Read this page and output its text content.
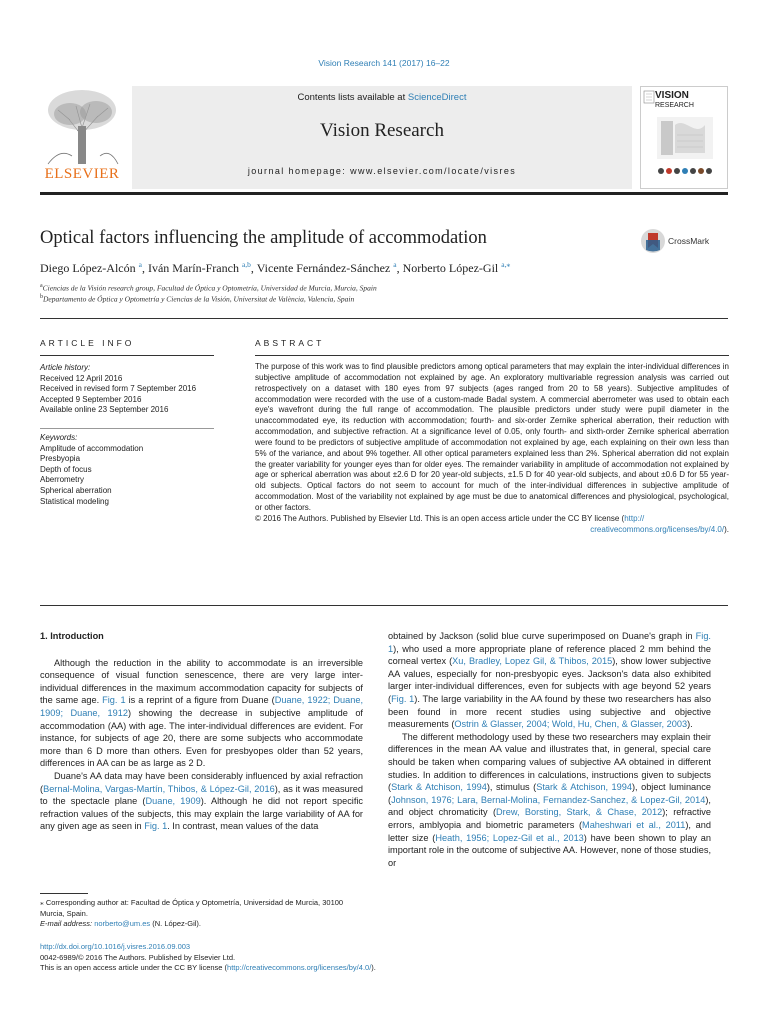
Vision Research 141 (2017) 16–22
ELSEVIER
Contents lists available at ScienceDirect
Vision Research
journal homepage: www.elsevier.com/locate/visres
VISION
RESEARCH
Optical factors influencing the amplitude of accommodation	CrossMark
Diego López-Alcón $^a$, Iván Marín-Franch $^{a,b}$, Vicente Fernández-Sánchez $^a$, Norberto López-Gil $^{a,⁎}$
$^a$Ciencias de la Visión research group, Facultad de Óptica y Optometría, Universidad de Murcia, Murcia, Spain
$^b$Departamento de Óptica y Optometría y Ciencias de la Visión, Universitat de València, Valencia, Spain
ARTICLE INFO	ABSTRACT
Article history:
Received 12 April 2016
Received in revised form 7 September 2016
Accepted 9 September 2016
Available online 23 September 2016
Keywords:
Amplitude of accommodation
Presbyopia
Depth of focus
Aberrometry
Spherical aberration
Statistical modeling

The purpose of this work was to find plausible predictors among optical parameters that may explain the inter-individual differences in subjective amplitude of accommodation not explained by age. An exploratory multivariable regression analysis was carried out retrospectively on a dataset with 180 eyes from 97 subjects (ages ranged from 20 to 58 years). Subjective amplitudes of accommodation were recorded with the use of a custom-made Badal system. A commercial aberrometer was used to obtain each eye's wavefront during the full range of accommodation. The plausible predictors under study were pupil diameter in the unaccommodated eye, its reduction with accommodation; fourth- and six-order Zernike spherical aberration, their reduction with accommodation, and subjective refraction. At a significance level of 0.05, only fourth- and sixth-order Zernike spherical aberration were found to be predictors of subjective amplitude of accommodation not explained by age, each explaining on their own less than 5% of the variance, and about 9% together. All other optical parameters explained less than 2%. Spherical aberration did not explain the greater variability for younger eyes than for older eyes. The remainder variability in amplitude of accommodation not explained by age or spherical aberration was about ±2.6 D for 20 year-old subjects, ±1.5 D for 40 year-old subjects, and about ±0.6 D for 55 year-old subjects. Optical factors do not seem to account for much of the inter-individual differences in subjective amplitude of accommodation. Most of the variability not explained by age must be due to anatomical differences and physiological, psychological, or other factors.

© 2016 The Authors. Published by Elsevier Ltd. This is an open access article under the CC BY license (http://

creativecommons.org/licenses/by/4.0/).

1. Introduction

Although the reduction in the ability to accommodate is an irreversible consequence of visual function senescence, there are very large inter-individual differences in the maximum accommodation capacity for subjects of the same age. Fig. 1 is a reprint of a figure from Duane (Duane, 1922; Duane, 1909; Duane, 1912) showing the decrease in subjective amplitude of accommodation (AA) with age. The inter-individual differences are evident. For instance, for subjects of age 20, there are some subjects who accommodate more than 6 D more than others. Even for presbyopes older than 52 years, differences in AA can be as large as 2 D.

Duane's AA data may have been considerably influenced by axial refraction (Bernal-Molina, Vargas-Martín, Thibos, & López-Gil, 2016), as it was measured to the spectacle plane (Duane, 1909). Although he did not report specific refraction values of the subjects, this may explain the large variability of AA for any given age as seen in Fig. 1. In contrast, mean values of the data

obtained by Jackson (solid blue curve superimposed on Duane's graph in Fig. 1), who used a more appropriate plane of reference placed 2 mm behind the corneal vertex (Xu, Bradley, Lopez Gil, & Thibos, 2015), show lower subjective AA values, especially for non-presbyopic eyes. Jackson's data also exhibited larger inter-individual differences, even for subjects with age beyond 52 years (Fig. 1). The large variability in the AA found by these two researchers has also been found in more recent studies using subjective and objective measurements (Ostrin & Glasser, 2004; Wold, Hu, Chen, & Glasser, 2003).

The different methodology used by these two researchers may explain their differences in the mean AA value and illustrates that, in general, special care should be taken when comparing values of subjective AA obtained in different studies. In addition to differences in calculations, instructions given to subjects (Stark & Atchison, 1994), stimulus (Stark & Atchison, 1994), object luminance (Johnson, 1976; Lara, Bernal-Molina, Fernandez-Sanchez, & Lopez-Gil, 2014), and object chromaticity (Drew, Borsting, Stark, & Chase, 2012); refractive errors, amblyopia and biometric parameters (Maheshwari et al., 2011), and letter size (Heath, 1956; Lopez-Gil et al., 2013) have been shown to play an important role in the outcome of subjective AA. However, none of those studies, or

⁎ Corresponding author at: Facultad de Óptica y Optometría, Universidad de Murcia, 30100 Murcia, Spain.

E-mail address: norberto@um.es (N. López-Gil).

http://dx.doi.org/10.1016/j.visres.2016.09.003

0042-6989/© 2016 The Authors. Published by Elsevier Ltd.

This is an open access article under the CC BY license (http://creativecommons.org/licenses/by/4.0/).
